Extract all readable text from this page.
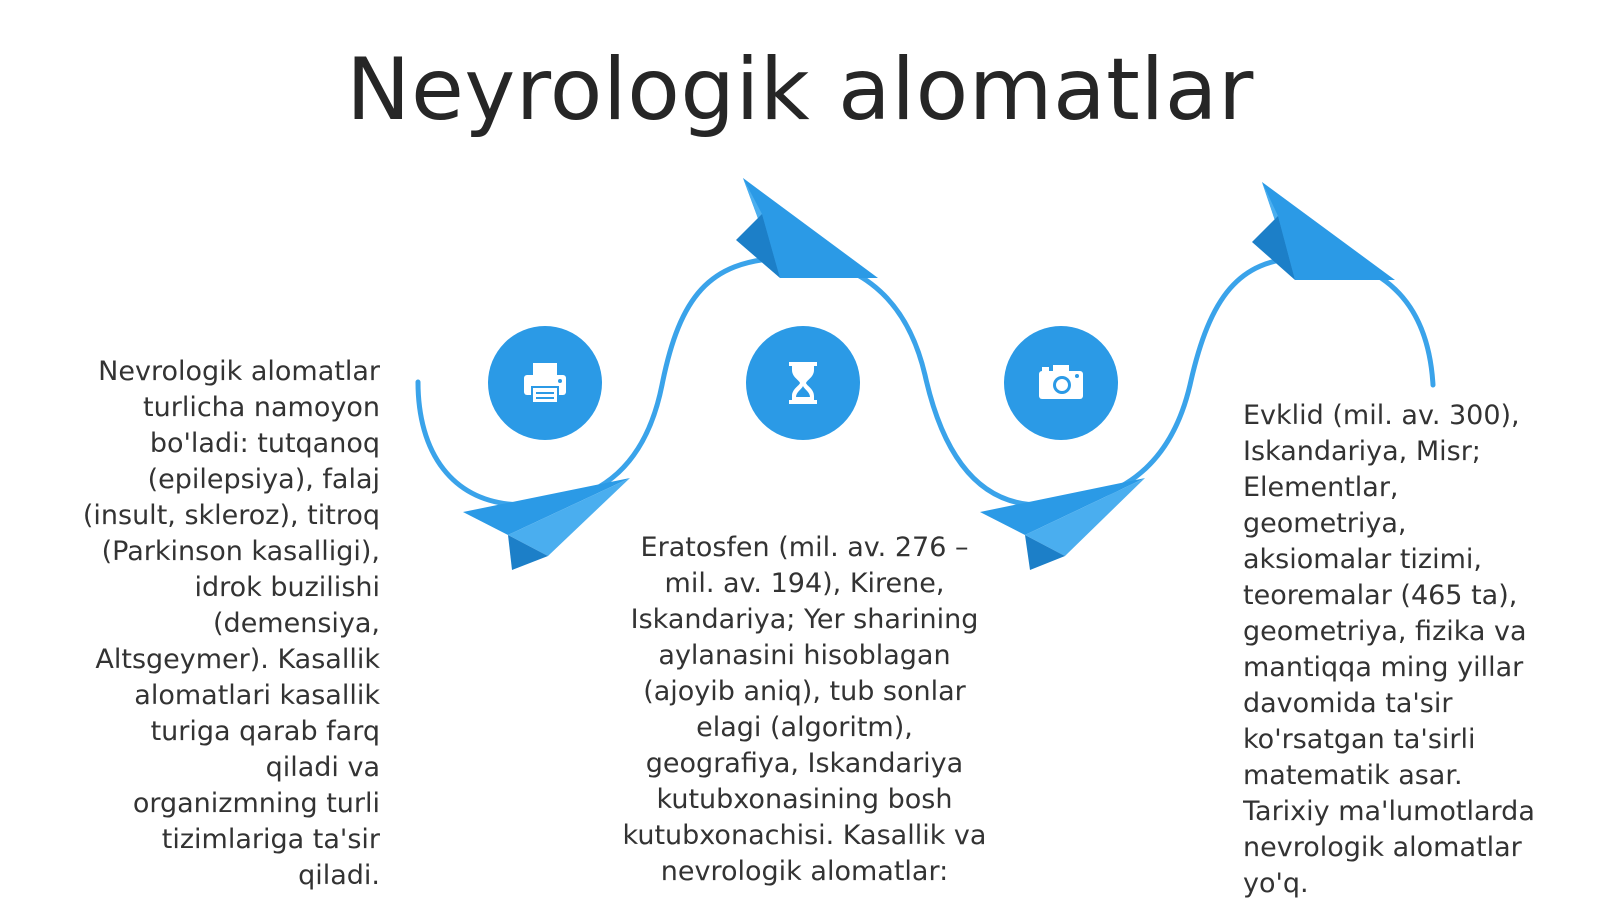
Neyrologik alomatlar
Nevrologik alomatlar
turlicha namoyon
bo'ladi: tutqanoq
(epilepsiya), falaj
(insult, skleroz), titroq
(Parkinson kasalligi),
idrok buzilishi
(demensiya,
Altsgeymer). Kasallik
alomatlari kasallik
turiga qarab farq
qiladi va
organizmning turli
tizimlariga ta'sir
qiladi.
Eratosfen (mil. av. 276 –
mil. av. 194), Kirene,
Iskandariya; Yer sharining
aylanasini hisoblagan
(ajoyib aniq), tub sonlar
elagi (algoritm),
geografiya, Iskandariya
kutubxonasining bosh
kutubxonachisi. Kasallik va
nevrologik alomatlar:
Evklid (mil. av. 300),
Iskandariya, Misr;
Elementlar,
geometriya,
aksiomalar tizimi,
teoremalar (465 ta),
geometriya, fizika va
mantiqqa ming yillar
davomida ta'sir
ko'rsatgan ta'sirli
matematik asar.
Tarixiy ma'lumotlarda
nevrologik alomatlar
yo'q.
